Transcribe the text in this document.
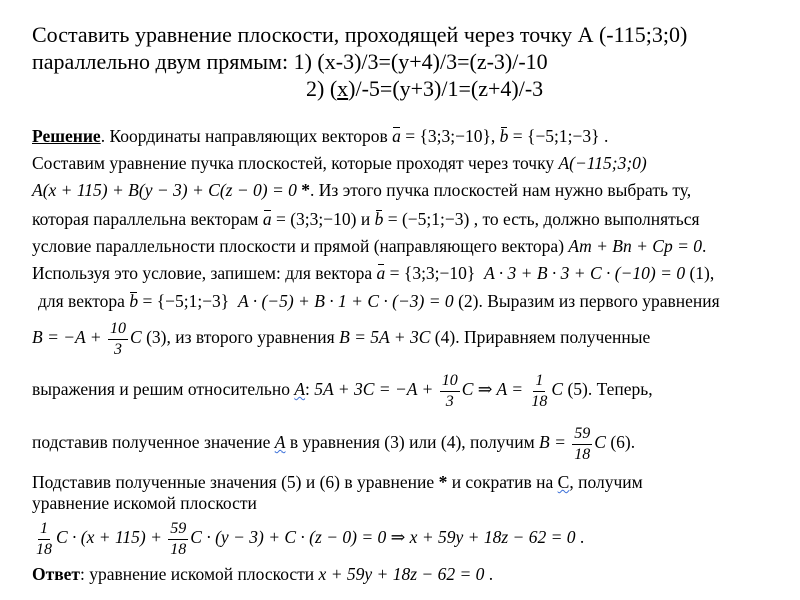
Составить уравнение плоскости, проходящей через точку А (-115;3;0)
параллельно двум прямым: 1) (x-3)/3=(y+4)/3=(z-3)/-10
2) (x)/-5=(y+3)/1=(z+4)/-3
Решение. Координаты направляющих векторов a = {3;3;−10}, b = {−5;1;−3} .
Составим уравнение пучка плоскостей, которые проходят через точку A(−115;3;0)
A(x + 115) + B(y − 3) + C(z − 0) = 0 *. Из этого пучка плоскостей нам нужно выбрать ту,
которая параллельна векторам a = (3;3;−10) и b = (−5;1;−3) , то есть, должно выполняться
условие параллельности плоскости и прямой (направляющего вектора) Am + Bn + Cp = 0.
Используя это условие, запишем: для вектора a = {3;3;−10} A · 3 + B · 3 + C · (−10) = 0 (1),
для вектора b = {−5;1;−3} A · (−5) + B · 1 + C · (−3) = 0 (2). Выразим из первого уравнения
$B = -A + \frac{10}{3}$ C (3), из второго уравнения B = 5A + 3C (4). Приравняем полученные
выражения и решим относительно A: $5A + 3C = -A + \frac{10}{3}$ C ⇒ $A = \frac{1}{18}$ C (5). Теперь,
подставив полученное значение A в уравнения (3) или (4), получим $B = \frac{59}{18}$ C (6).
Подставив полученные значения (5) и (6) в уравнение * и сократив на С, получим
уравнение искомой плоскости
$\frac{1}{18}$ $C \cdot (x + 115) + \frac{59}{18}$ C · (y − 3) + C · (z − 0) = 0 ⇒ x + 59y + 18z − 62 = 0 .
Ответ: уравнение искомой плоскости x + 59y + 18z − 62 = 0 .
